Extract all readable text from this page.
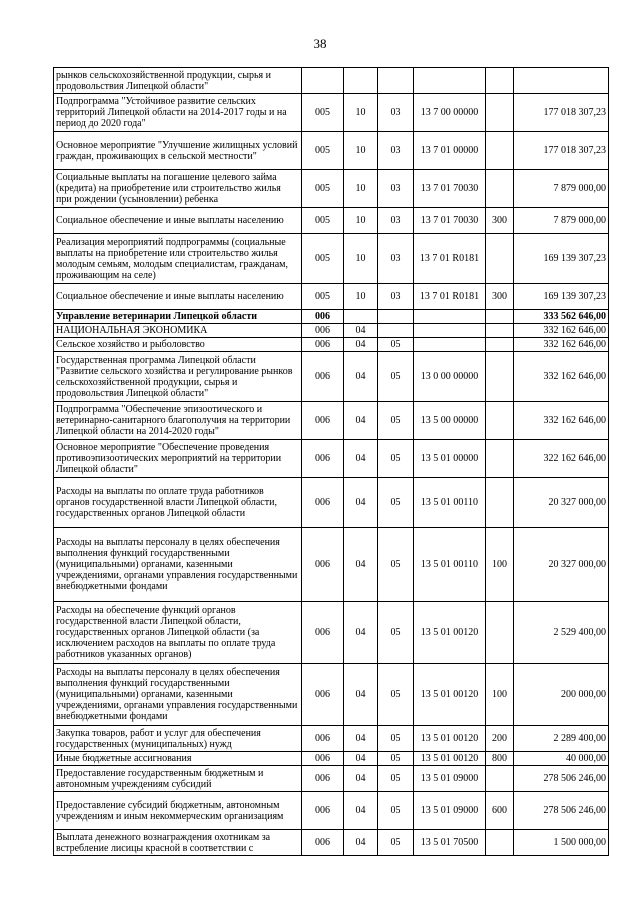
38
рынков сельскохозяйственной продукции, сырья и продовольствия Липецкой области"						
Подпрограмма "Устойчивое развитие сельских территорий Липецкой области на 2014-2017 годы и на период до 2020 года"	005	10	03	13 7 00 00000		177 018 307,23
Основное мероприятие "Улучшение жилищных условий граждан, проживающих в сельской местности"	005	10	03	13 7 01 00000		177 018 307,23
Социальные выплаты на погашение целевого займа (кредита) на приобретение или строительство жилья при рождении (усыновлении) ребенка	005	10	03	13 7 01 70030		7 879 000,00
Социальное обеспечение и иные выплаты населению	005	10	03	13 7 01 70030	300	7 879 000,00
Реализация мероприятий подпрограммы (социальные выплаты на приобретение или строительство жилья молодым семьям, молодым специалистам, гражданам, проживающим на селе)	005	10	03	13 7 01 R0181		169 139 307,23
Социальное обеспечение и иные выплаты населению	005	10	03	13 7 01 R0181	300	169 139 307,23
Управление ветеринарии Липецкой области	006					333 562 646,00
НАЦИОНАЛЬНАЯ ЭКОНОМИКА	006	04				332 162 646,00
Сельское хозяйство и рыболовство	006	04	05			332 162 646,00
Государственная программа Липецкой области "Развитие сельского хозяйства и регулирование рынков сельскохозяйственной продукции, сырья и продовольствия Липецкой области"	006	04	05	13 0 00 00000		332 162 646,00
Подпрограмма "Обеспечение эпизоотического и ветеринарно-санитарного благополучия на территории Липецкой области на 2014-2020 годы"	006	04	05	13 5 00 00000		332 162 646,00
Основное мероприятие "Обеспечение проведения противоэпизоотических мероприятий на территории Липецкой области"	006	04	05	13 5 01 00000		322 162 646,00
Расходы на выплаты по оплате труда работников органов государственной власти Липецкой области, государственных органов Липецкой области	006	04	05	13 5 01 00110		20 327 000,00
Расходы на выплаты персоналу в целях обеспечения выполнения функций государственными (муниципальными) органами, казенными учреждениями, органами управления государственными внебюджетными фондами	006	04	05	13 5 01 00110	100	20 327 000,00
Расходы на обеспечение функций органов государственной власти Липецкой области, государственных органов Липецкой области (за исключением расходов на выплаты по оплате труда работников указанных органов)	006	04	05	13 5 01 00120		2 529 400,00
Расходы на выплаты персоналу в целях обеспечения выполнения функций государственными (муниципальными) органами, казенными учреждениями, органами управления государственными внебюджетными фондами	006	04	05	13 5 01 00120	100	200 000,00
Закупка товаров, работ и услуг для обеспечения государственных (муниципальных) нужд	006	04	05	13 5 01 00120	200	2 289 400,00
Иные бюджетные ассигнования	006	04	05	13 5 01 00120	800	40 000,00
Предоставление государственным бюджетным и автономным учреждениям субсидий	006	04	05	13 5 01 09000		278 506 246,00
Предоставление субсидий бюджетным, автономным учреждениям и иным некоммерческим организациям	006	04	05	13 5 01 09000	600	278 506 246,00
Выплата денежного вознаграждения охотникам за встребление лисицы красной в соответствии с	006	04	05	13 5 01 70500		1 500 000,00
